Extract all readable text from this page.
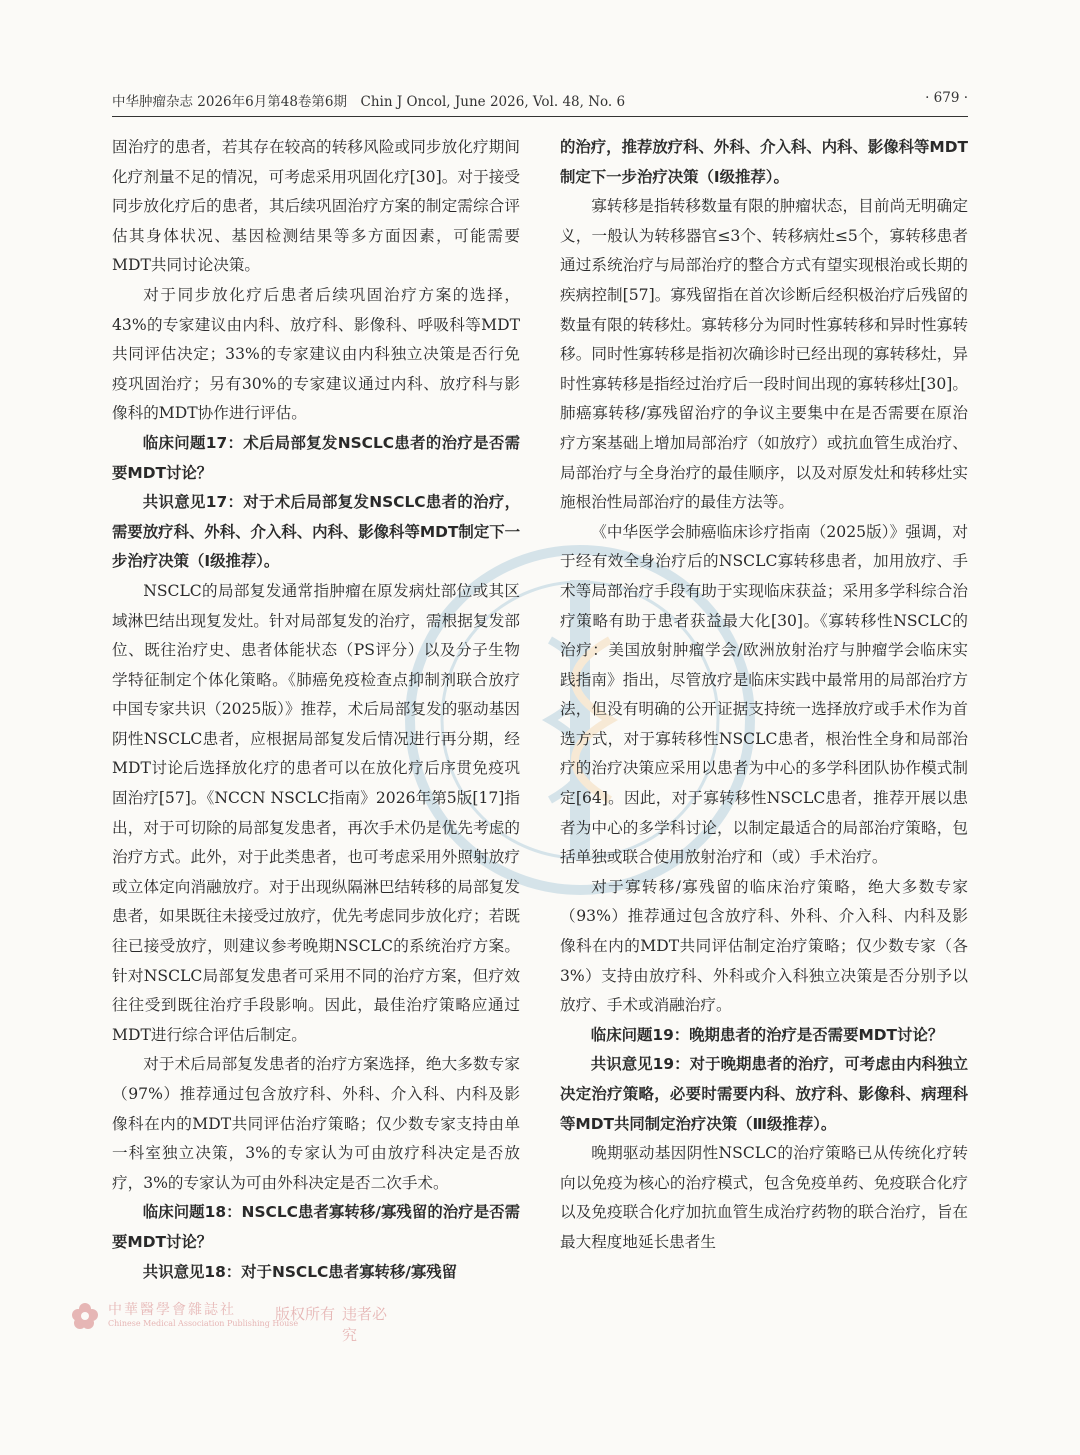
中华肿瘤杂志 2026年6月第48卷第6期　Chin J Oncol, June 2026, Vol. 48, No. 6	· 679 ·

固治疗的患者，若其存在较高的转移风险或同步放化疗期间化疗剂量不足的情况，可考虑采用巩固化疗[30]。对于接受同步放化疗后的患者，其后续巩固治疗方案的制定需综合评估其身体状况、基因检测结果等多方面因素，可能需要MDT共同讨论决策。

对于同步放化疗后患者后续巩固治疗方案的选择，43%的专家建议由内科、放疗科、影像科、呼吸科等MDT共同评估决定；33%的专家建议由内科独立决策是否行免疫巩固治疗；另有30%的专家建议通过内科、放疗科与影像科的MDT协作进行评估。

临床问题17：术后局部复发NSCLC患者的治疗是否需要MDT讨论？

共识意见17：对于术后局部复发NSCLC患者的治疗，需要放疗科、外科、介入科、内科、影像科等MDT制定下一步治疗决策（Ⅰ级推荐）。

NSCLC的局部复发通常指肿瘤在原发病灶部位或其区域淋巴结出现复发灶。针对局部复发的治疗，需根据复发部位、既往治疗史、患者体能状态（PS评分）以及分子生物学特征制定个体化策略。《肺癌免疫检查点抑制剂联合放疗中国专家共识（2025版）》推荐，术后局部复发的驱动基因阴性NSCLC患者，应根据局部复发后情况进行再分期，经MDT讨论后选择放化疗的患者可以在放化疗后序贯免疫巩固治疗[57]。《NCCN NSCLC指南》2026年第5版[17]指出，对于可切除的局部复发患者，再次手术仍是优先考虑的治疗方式。此外，对于此类患者，也可考虑采用外照射放疗或立体定向消融放疗。对于出现纵隔淋巴结转移的局部复发患者，如果既往未接受过放疗，优先考虑同步放化疗；若既往已接受放疗，则建议参考晚期NSCLC的系统治疗方案。针对NSCLC局部复发患者可采用不同的治疗方案，但疗效往往受到既往治疗手段影响。因此，最佳治疗策略应通过MDT进行综合评估后制定。

对于术后局部复发患者的治疗方案选择，绝大多数专家（97%）推荐通过包含放疗科、外科、介入科、内科及影像科在内的MDT共同评估治疗策略；仅少数专家支持由单一科室独立决策，3%的专家认为可由放疗科决定是否放疗，3%的专家认为可由外科决定是否二次手术。

临床问题18：NSCLC患者寡转移/寡残留的治疗是否需要MDT讨论？

共识意见18：对于NSCLC患者寡转移/寡残留

的治疗，推荐放疗科、外科、介入科、内科、影像科等MDT制定下一步治疗决策（Ⅰ级推荐）。

寡转移是指转移数量有限的肿瘤状态，目前尚无明确定义，一般认为转移器官≤3个、转移病灶≤5个，寡转移患者通过系统治疗与局部治疗的整合方式有望实现根治或长期的疾病控制[57]。寡残留指在首次诊断后经积极治疗后残留的数量有限的转移灶。寡转移分为同时性寡转移和异时性寡转移。同时性寡转移是指初次确诊时已经出现的寡转移灶，异时性寡转移是指经过治疗后一段时间出现的寡转移灶[30]。肺癌寡转移/寡残留治疗的争议主要集中在是否需要在原治疗方案基础上增加局部治疗（如放疗）或抗血管生成治疗、局部治疗与全身治疗的最佳顺序，以及对原发灶和转移灶实施根治性局部治疗的最佳方法等。

《中华医学会肺癌临床诊疗指南（2025版）》强调，对于经有效全身治疗后的NSCLC寡转移患者，加用放疗、手术等局部治疗手段有助于实现临床获益；采用多学科综合治疗策略有助于患者获益最大化[30]。《寡转移性NSCLC的治疗：美国放射肿瘤学会/欧洲放射治疗与肿瘤学会临床实践指南》指出，尽管放疗是临床实践中最常用的局部治疗方法，但没有明确的公开证据支持统一选择放疗或手术作为首选方式，对于寡转移性NSCLC患者，根治性全身和局部治疗的治疗决策应采用以患者为中心的多学科团队协作模式制定[64]。因此，对于寡转移性NSCLC患者，推荐开展以患者为中心的多学科讨论，以制定最适合的局部治疗策略，包括单独或联合使用放射治疗和（或）手术治疗。

对于寡转移/寡残留的临床治疗策略，绝大多数专家（93%）推荐通过包含放疗科、外科、介入科、内科及影像科在内的MDT共同评估制定治疗策略；仅少数专家（各3%）支持由放疗科、外科或介入科独立决策是否分别予以放疗、手术或消融治疗。

临床问题19：晚期患者的治疗是否需要MDT讨论？

共识意见19：对于晚期患者的治疗，可考虑由内科独立决定治疗策略，必要时需要内科、放疗科、影像科、病理科等MDT共同制定治疗决策（Ⅲ级推荐）。

晚期驱动基因阴性NSCLC的治疗策略已从传统化疗转向以免疫为核心的治疗模式，包含免疫单药、免疫联合化疗以及免疫联合化疗加抗血管生成治疗药物的联合治疗，旨在最大程度地延长患者生

中華醫學會雜誌社
Chinese Medical Association Publishing House
版权所有 违者必究
